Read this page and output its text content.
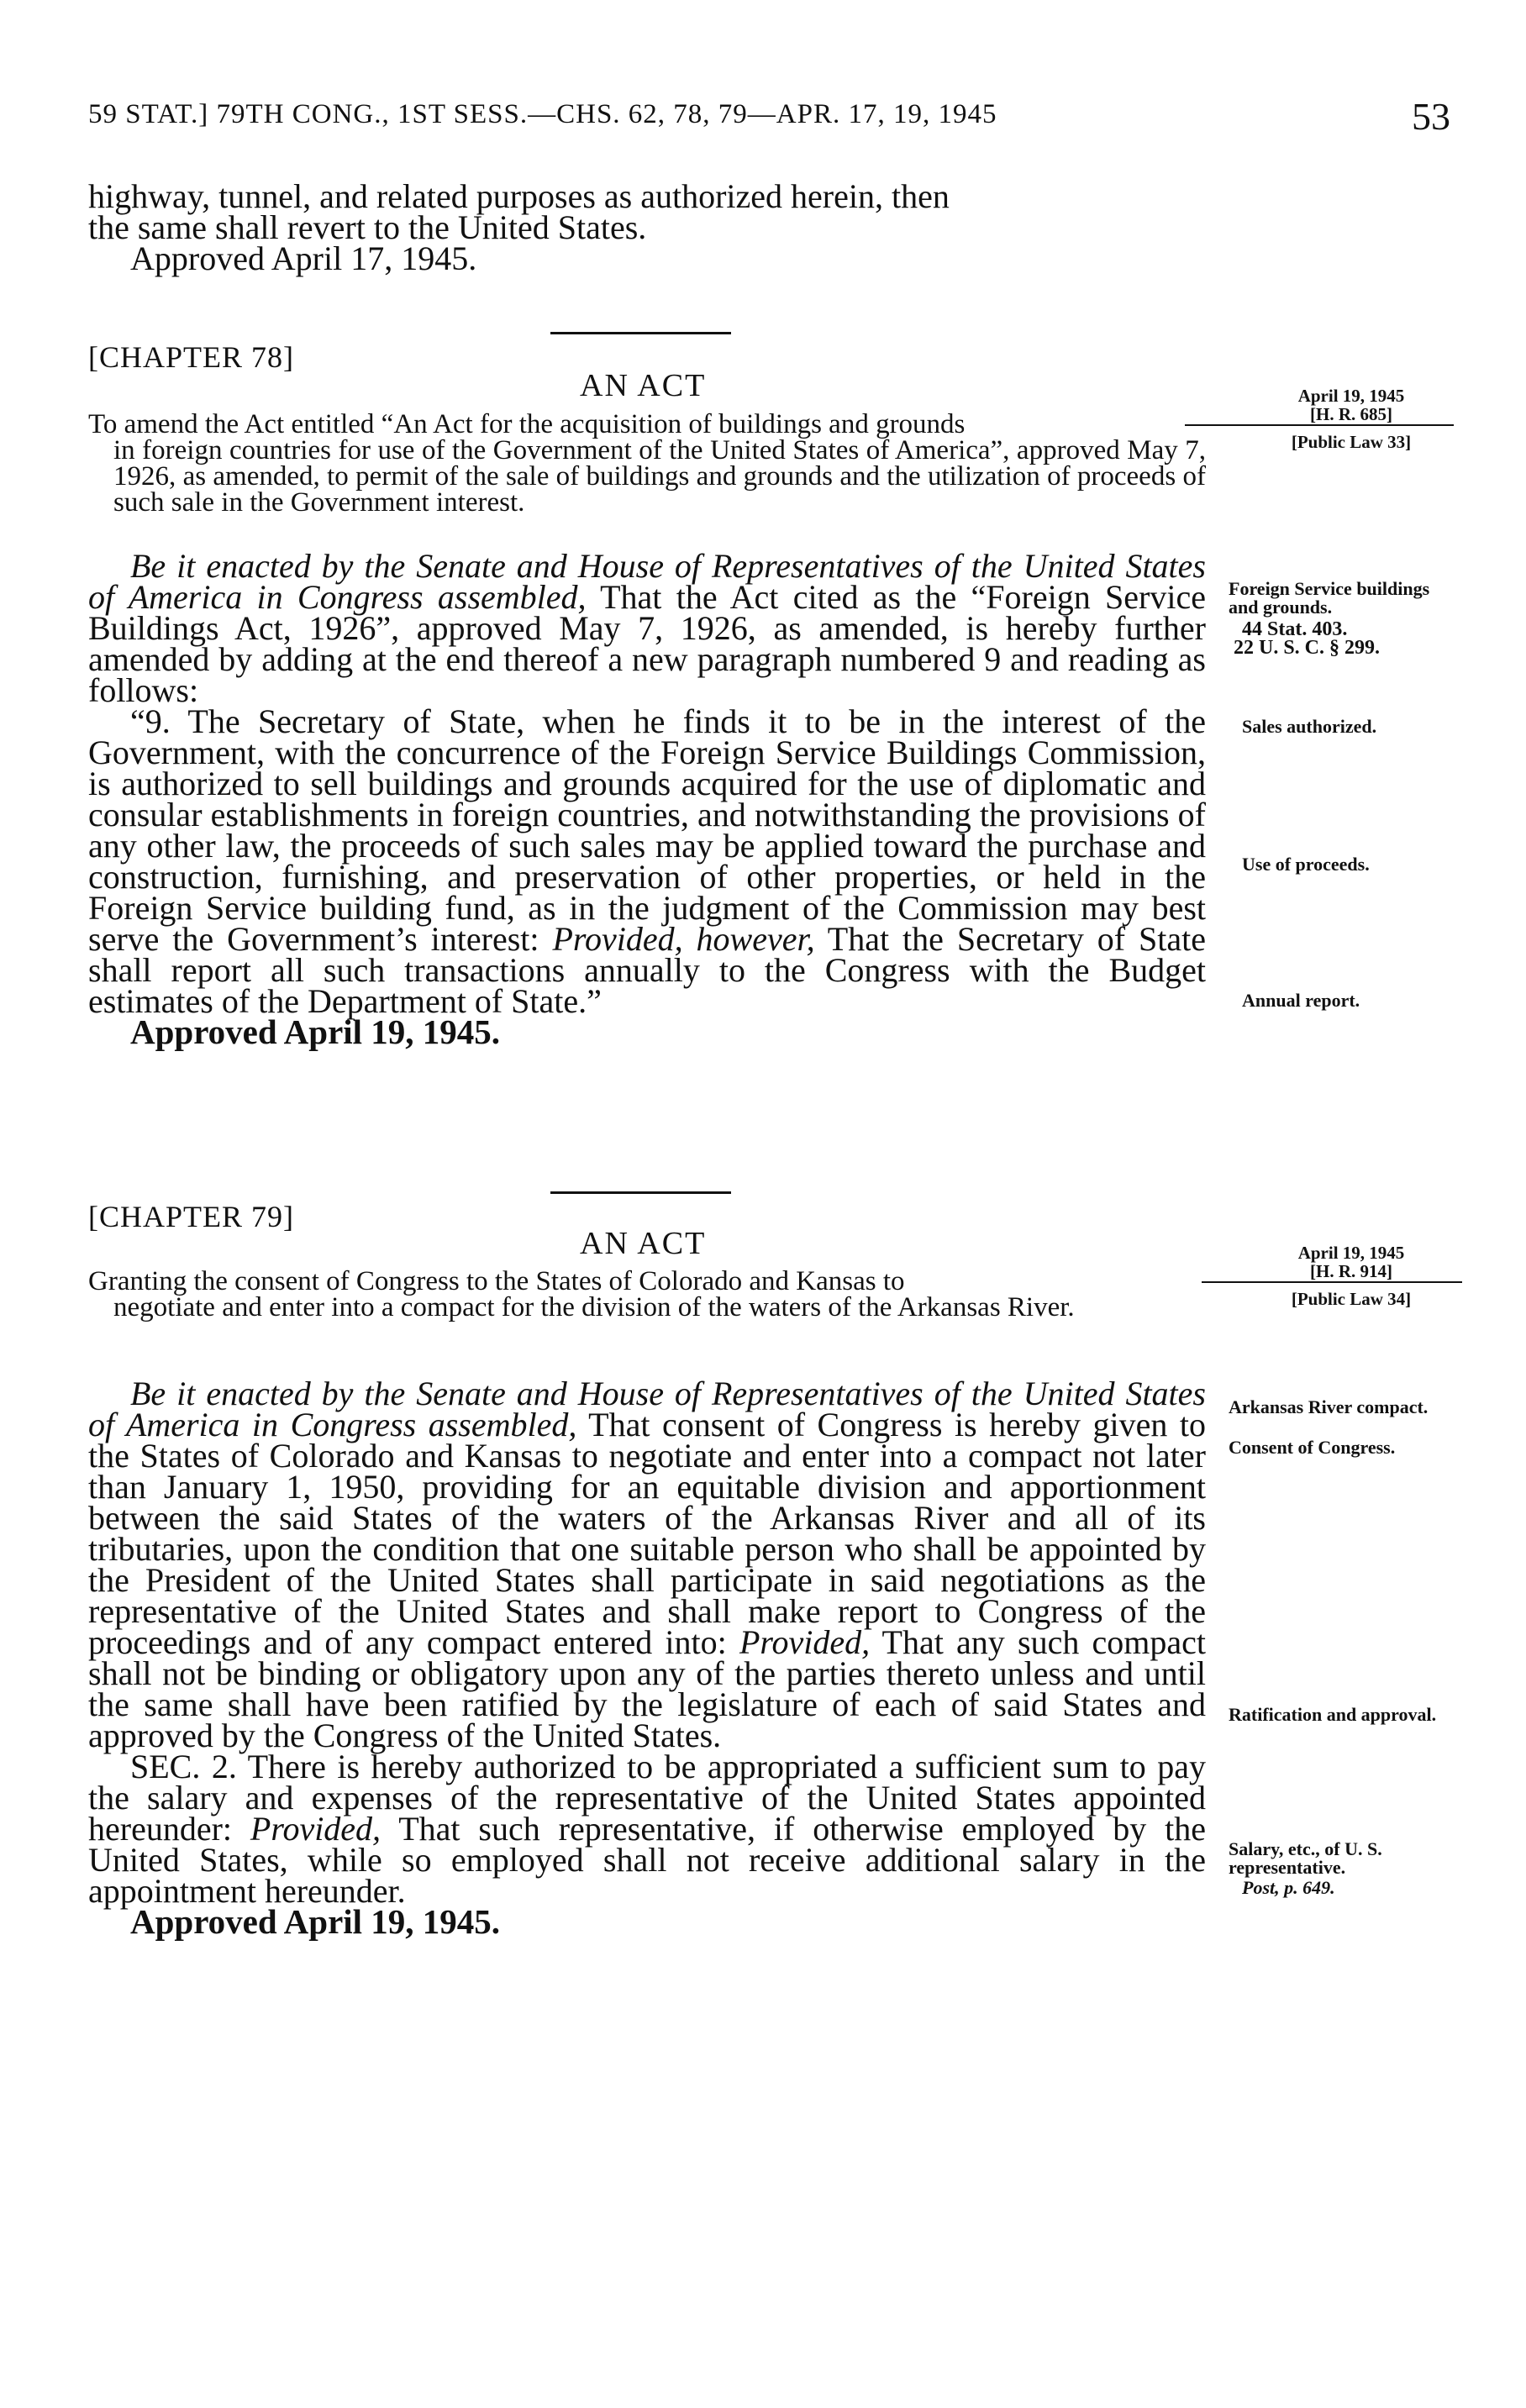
59 STAT.] 79TH CONG., 1ST SESS.—CHS. 62, 78, 79—APR. 17, 19, 1945	53

highway, tunnel, and related purposes as authorized herein, then

the same shall revert to the United States.

Approved April 17, 1945.

[CHAPTER 78]
AN ACT
To amend the Act entitled “An Act for the acquisition of buildings and grounds
in foreign countries for use of the Government of the United States of America”, approved May 7, 1926, as amended, to permit of the sale of buildings and grounds and the utilization of proceeds of such sale in the Government interest.
April 19, 1945
[H. R. 685]
[Public Law 33]
Foreign Service buildings and grounds.
44 Stat. 403.
22 U. S. C. § 299.
Sales authorized.
Use of proceeds.
Annual report.

Be it enacted by the Senate and House of Representatives of the United States of America in Congress assembled, That the Act cited as the “Foreign Service Buildings Act, 1926”, approved May 7, 1926, as amended, is hereby further amended by adding at the end thereof a new paragraph numbered 9 and reading as follows:

“9. The Secretary of State, when he finds it to be in the interest of the Government, with the concurrence of the Foreign Service Buildings Commission, is authorized to sell buildings and grounds acquired for the use of diplomatic and consular establishments in foreign countries, and notwithstanding the provisions of any other law, the proceeds of such sales may be applied toward the purchase and construction, furnishing, and preservation of other properties, or held in the Foreign Service building fund, as in the judgment of the Commission may best serve the Government’s interest: Provided, however, That the Secretary of State shall report all such transactions annually to the Congress with the Budget estimates of the Department of State.”

Approved April 19, 1945.

[CHAPTER 79]
AN ACT
Granting the consent of Congress to the States of Colorado and Kansas to
negotiate and enter into a compact for the division of the waters of the Arkansas River.
April 19, 1945
[H. R. 914]
[Public Law 34]
Arkansas River compact.
Consent of Congress.
Ratification and approval.
Salary, etc., of U. S. representative.
Post, p. 649.

Be it enacted by the Senate and House of Representatives of the United States of America in Congress assembled, That consent of Congress is hereby given to the States of Colorado and Kansas to negotiate and enter into a compact not later than January 1, 1950, providing for an equitable division and apportionment between the said States of the waters of the Arkansas River and all of its tributaries, upon the condition that one suitable person who shall be appointed by the President of the United States shall participate in said negotiations as the representative of the United States and shall make report to Congress of the proceedings and of any compact entered into: Provided, That any such compact shall not be binding or obligatory upon any of the parties thereto unless and until the same shall have been ratified by the legislature of each of said States and approved by the Congress of the United States.

SEC. 2. There is hereby authorized to be appropriated a sufficient sum to pay the salary and expenses of the representative of the United States appointed hereunder: Provided, That such representative, if otherwise employed by the United States, while so employed shall not receive additional salary in the appointment hereunder.

Approved April 19, 1945.
